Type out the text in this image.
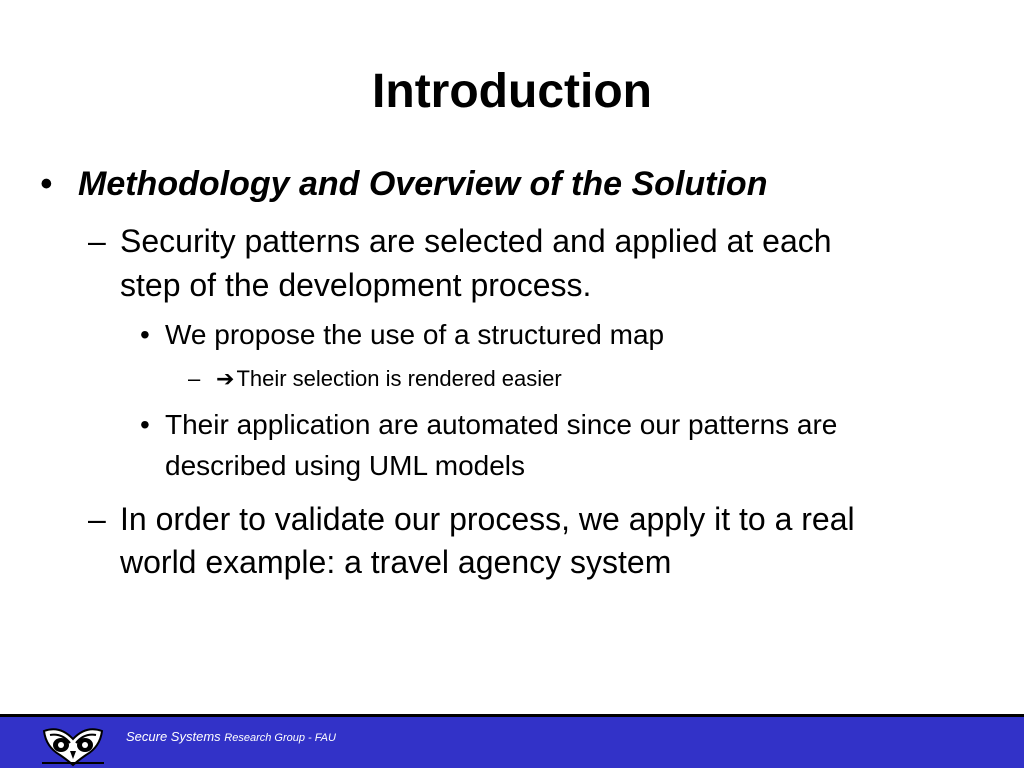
Introduction
• Methodology and Overview of the Solution
– Security patterns are selected and applied at each
step of the development process.
• We propose the use of a structured map
– ➔Their selection is rendered easier
• Their application are automated since our patterns are
described using UML models
– In order to validate our process, we apply it to a real
world example: a travel agency system
Secure Systems Research Group - FAU
